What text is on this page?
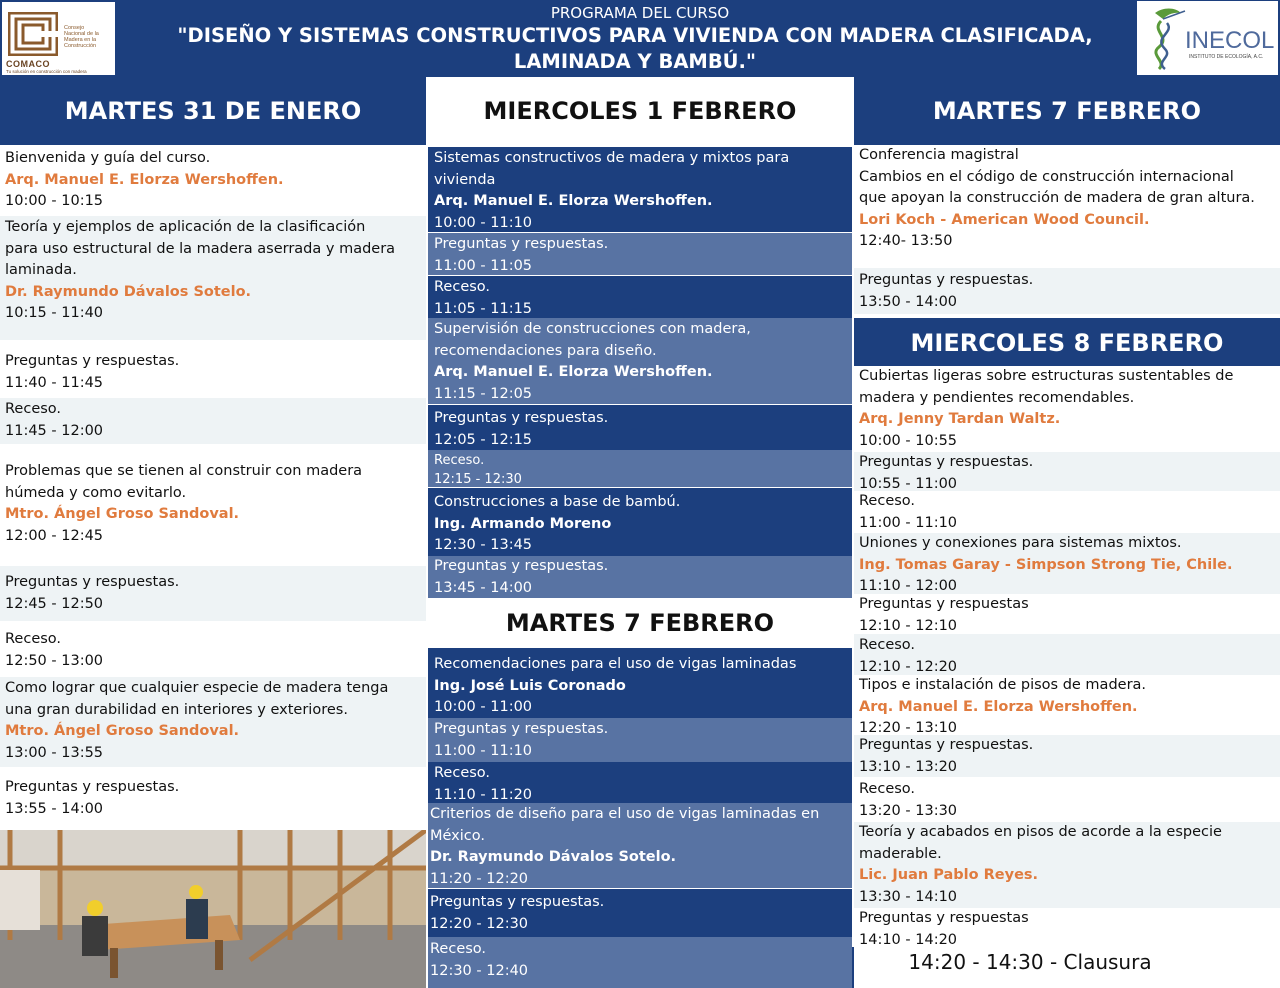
Consejo
Nacional de la
Madera en la
Construcción
COMACO
Tu solución en construcción con madera
PROGRAMA DEL CURSO
"DISEÑO Y SISTEMAS CONSTRUCTIVOS PARA VIVIENDA CON MADERA CLASIFICADA,
LAMINADA Y BAMBÚ."
INECOL
INSTITUTO DE ECOLOGÍA, A.C.
MARTES 31 DE ENERO	MIERCOLES 1 FEBRERO	MARTES 7 FEBRERO
Bienvenida y guía del curso.
Arq. Manuel E. Elorza Wershoffen.
10:00 - 10:15
Teoría y ejemplos de aplicación de la clasificación
para uso estructural de la madera aserrada y madera
laminada.
Dr. Raymundo Dávalos Sotelo.
10:15 - 11:40
Preguntas y respuestas.
11:40 - 11:45
Receso.
11:45 - 12:00
Problemas que se tienen al construir con madera
húmeda y como evitarlo.
Mtro. Ángel Groso Sandoval.
12:00 - 12:45
Preguntas y respuestas.
12:45 - 12:50
Receso.
12:50 - 13:00
Como lograr que cualquier especie de madera tenga
una gran durabilidad en interiores y exteriores.
Mtro. Ángel Groso Sandoval.
13:00 - 13:55
Preguntas y respuestas.
13:55 - 14:00
Sistemas constructivos de madera y mixtos para
vivienda
Arq. Manuel E. Elorza Wershoffen.
10:00 - 11:10
Preguntas y respuestas.
11:00 - 11:05
Receso.
11:05 - 11:15
Supervisión de construcciones con madera,
recomendaciones para diseño.
Arq. Manuel E. Elorza Wershoffen.
11:15 - 12:05
Preguntas y respuestas.
12:05 - 12:15
Receso.
12:15 - 12:30
Construcciones a base de bambú.
Ing. Armando Moreno
12:30 - 13:45
Preguntas y respuestas.
13:45 - 14:00
MARTES 7 FEBRERO
Recomendaciones para el uso de vigas laminadas
Ing. José Luis Coronado
10:00 - 11:00
Preguntas y respuestas.
11:00 - 11:10
Receso.
11:10 - 11:20
Criterios de diseño para el uso de vigas laminadas en
México.
Dr. Raymundo Dávalos Sotelo.
11:20 - 12:20
Preguntas y respuestas.
12:20 - 12:30
Receso.
12:30 - 12:40
Conferencia magistral
Cambios en el código de construcción internacional
que apoyan la construcción de madera de gran altura.
Lori Koch - American Wood Council.
12:40- 13:50
Preguntas y respuestas.
13:50 - 14:00
MIERCOLES 8 FEBRERO
Cubiertas ligeras sobre estructuras sustentables de
madera y pendientes recomendables.
Arq. Jenny Tardan Waltz.
10:00 - 10:55
Preguntas y respuestas.
10:55 - 11:00
Receso.
11:00 - 11:10
Uniones y conexiones para sistemas mixtos.
Ing. Tomas Garay - Simpson Strong Tie, Chile.
11:10 - 12:00
Preguntas y respuestas
12:10 - 12:10
Receso.
12:10 - 12:20
Tipos e instalación de pisos de madera.
Arq. Manuel E. Elorza Wershoffen.
12:20 - 13:10
Preguntas y respuestas.
13:10 - 13:20
Receso.
13:20 - 13:30
Teoría y acabados en pisos de acorde a la especie
maderable.
Lic. Juan Pablo Reyes.
13:30 - 14:10
Preguntas y respuestas
14:10 - 14:20
14:20 - 14:30 - Clausura
